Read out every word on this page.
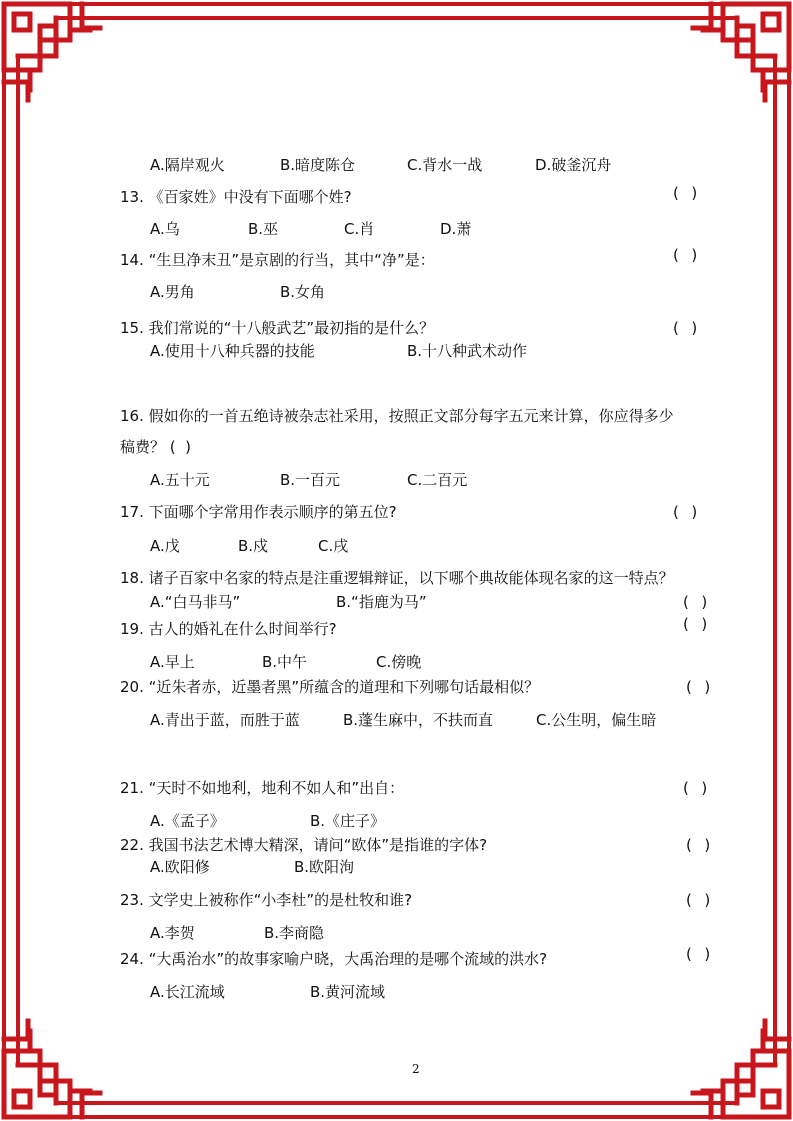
A.隔岸观火	B.暗度陈仓	C.背水一战	D.破釜沉舟
13. 《百家姓》中没有下面哪个姓?	(  )
A.乌	B.巫	C.肖	D.萧
14. “生旦净末丑”是京剧的行当，其中“净”是：	(  )
A.男角	B.女角
15. 我们常说的“十八般武艺”最初指的是什么？	(  )
A.使用十八种兵器的技能	B.十八种武术动作
16. 假如你的一首五绝诗被杂志社采用，按照正文部分每字五元来计算，你应得多少
稿费？ (  )
A.五十元	B.一百元	C.二百元
17. 下面哪个字常用作表示顺序的第五位?	(  )
A.戊	B.戍	C.戌
18. 诸子百家中名家的特点是注重逻辑辩证，以下哪个典故能体现名家的这一特点？
A.“白马非马”	B.“指鹿为马”	(  )
19. 古人的婚礼在什么时间举行?	(  )
A.早上	B.中午	C.傍晚
20. “近朱者赤，近墨者黑”所蕴含的道理和下列哪句话最相似？	(  )
A.青出于蓝，而胜于蓝	B.蓬生麻中，不扶而直	C.公生明，偏生暗
21. “天时不如地利，地利不如人和”出自：	(  )
A.《孟子》	B.《庄子》
22. 我国书法艺术博大精深，请问“欧体”是指谁的字体?	(  )
A.欧阳修	B.欧阳洵
23. 文学史上被称作“小李杜”的是杜牧和谁?	(  )
A.李贺	B.李商隐
24. “大禹治水”的故事家喻户晓，大禹治理的是哪个流域的洪水?	(  )
A.长江流域	B.黄河流域
2
